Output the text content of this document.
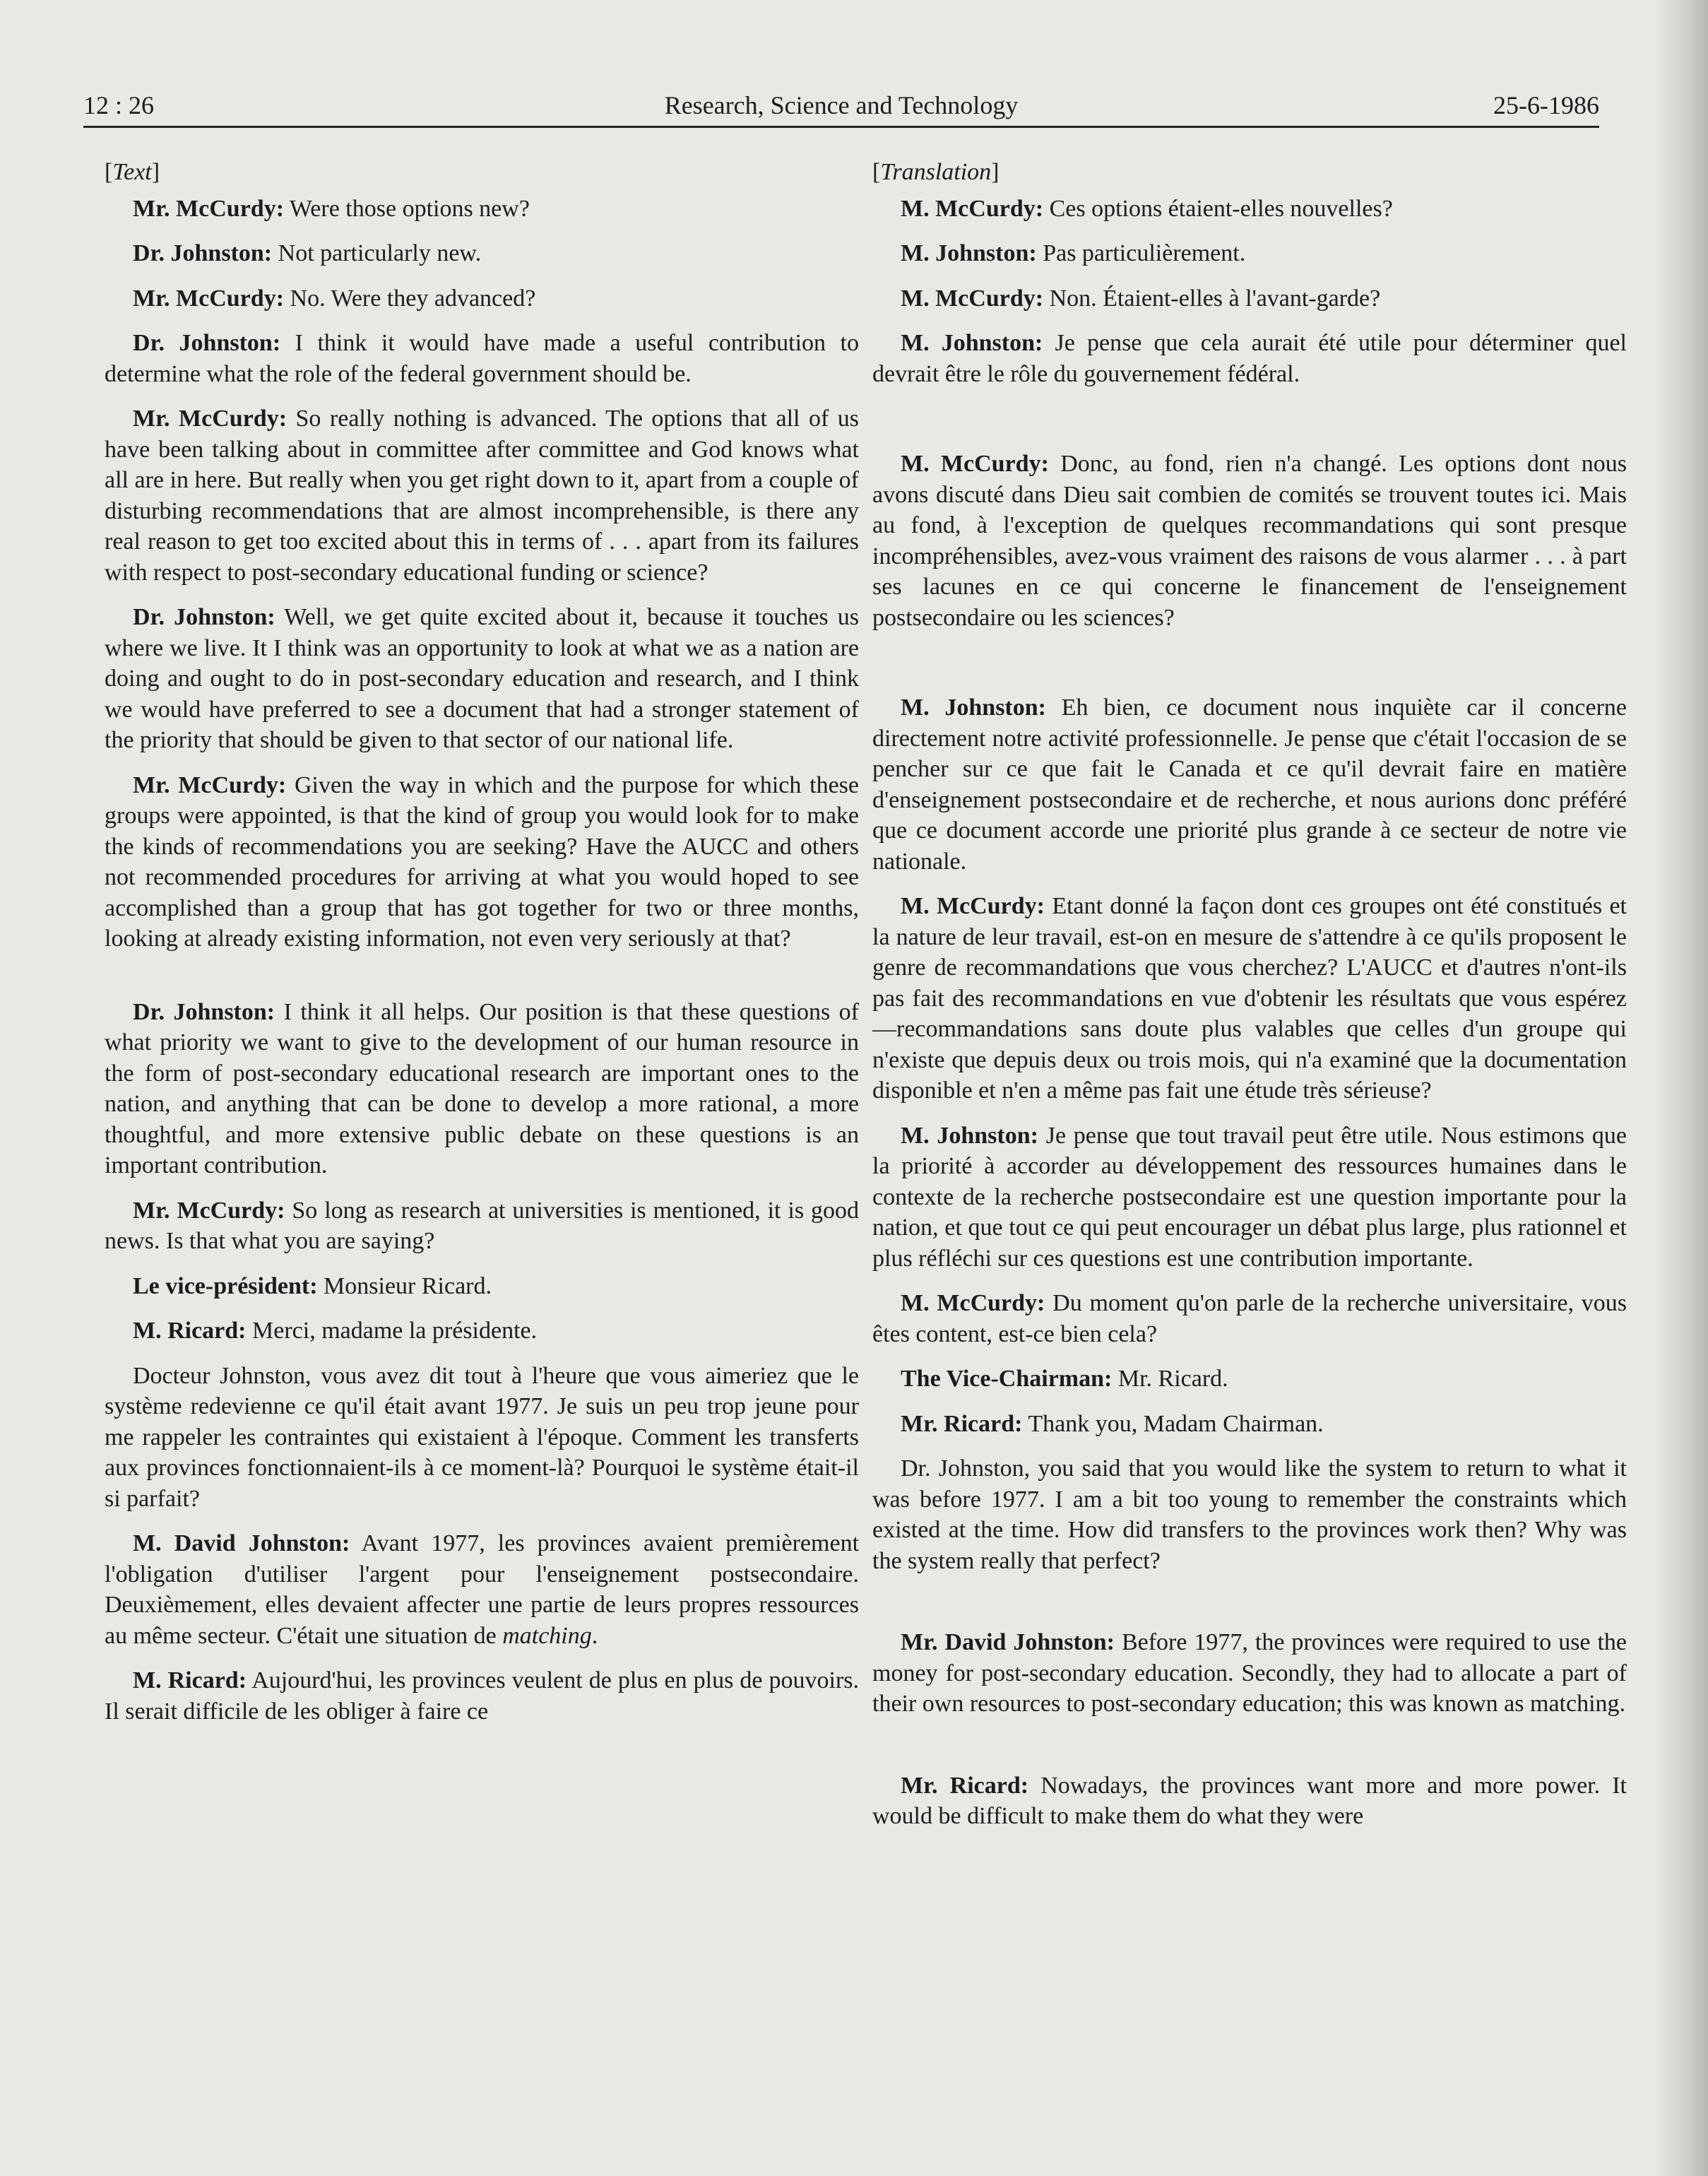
12 : 26	Research, Science and Technology	25-6-1986
[Text]

Mr. McCurdy: Were those options new?

Dr. Johnston: Not particularly new.

Mr. McCurdy: No. Were they advanced?

Dr. Johnston: I think it would have made a useful contribution to determine what the role of the federal government should be.

Mr. McCurdy: So really nothing is advanced. The options that all of us have been talking about in committee after committee and God knows what all are in here. But really when you get right down to it, apart from a couple of disturbing recommendations that are almost incomprehensible, is there any real reason to get too excited about this in terms of . . . apart from its failures with respect to post-secondary educational funding or science?

Dr. Johnston: Well, we get quite excited about it, because it touches us where we live. It I think was an opportunity to look at what we as a nation are doing and ought to do in post-secondary education and research, and I think we would have preferred to see a document that had a stronger statement of the priority that should be given to that sector of our national life.

Mr. McCurdy: Given the way in which and the purpose for which these groups were appointed, is that the kind of group you would look for to make the kinds of recommendations you are seeking? Have the AUCC and others not recommended procedures for arriving at what you would hoped to see accomplished than a group that has got together for two or three months, looking at already existing information, not even very seriously at that?

Dr. Johnston: I think it all helps. Our position is that these questions of what priority we want to give to the development of our human resource in the form of post-secondary educational research are important ones to the nation, and anything that can be done to develop a more rational, a more thoughtful, and more extensive public debate on these questions is an important contribution.

Mr. McCurdy: So long as research at universities is mentioned, it is good news. Is that what you are saying?

Le vice-président: Monsieur Ricard.

M. Ricard: Merci, madame la présidente.

Docteur Johnston, vous avez dit tout à l'heure que vous aimeriez que le système redevienne ce qu'il était avant 1977. Je suis un peu trop jeune pour me rappeler les contraintes qui existaient à l'époque. Comment les transferts aux provinces fonctionnaient-ils à ce moment-là? Pourquoi le système était-il si parfait?

M. David Johnston: Avant 1977, les provinces avaient premièrement l'obligation d'utiliser l'argent pour l'enseignement postsecondaire. Deuxièmement, elles devaient affecter une partie de leurs propres ressources au même secteur. C'était une situation de matching.

M. Ricard: Aujourd'hui, les provinces veulent de plus en plus de pouvoirs. Il serait difficile de les obliger à faire ce

[Translation]

M. McCurdy: Ces options étaient-elles nouvelles?

M. Johnston: Pas particulièrement.

M. McCurdy: Non. Étaient-elles à l'avant-garde?

M. Johnston: Je pense que cela aurait été utile pour déterminer quel devrait être le rôle du gouvernement fédéral.

M. McCurdy: Donc, au fond, rien n'a changé. Les options dont nous avons discuté dans Dieu sait combien de comités se trouvent toutes ici. Mais au fond, à l'exception de quelques recommandations qui sont presque incompréhensibles, avez-vous vraiment des raisons de vous alarmer . . . à part ses lacunes en ce qui concerne le financement de l'enseignement postsecondaire ou les sciences?

M. Johnston: Eh bien, ce document nous inquiète car il concerne directement notre activité professionnelle. Je pense que c'était l'occasion de se pencher sur ce que fait le Canada et ce qu'il devrait faire en matière d'enseignement postsecondaire et de recherche, et nous aurions donc préféré que ce document accorde une priorité plus grande à ce secteur de notre vie nationale.

M. McCurdy: Etant donné la façon dont ces groupes ont été constitués et la nature de leur travail, est-on en mesure de s'attendre à ce qu'ils proposent le genre de recommandations que vous cherchez? L'AUCC et d'autres n'ont-ils pas fait des recommandations en vue d'obtenir les résultats que vous espérez—recommandations sans doute plus valables que celles d'un groupe qui n'existe que depuis deux ou trois mois, qui n'a examiné que la documentation disponible et n'en a même pas fait une étude très sérieuse?

M. Johnston: Je pense que tout travail peut être utile. Nous estimons que la priorité à accorder au développement des ressources humaines dans le contexte de la recherche postsecondaire est une question importante pour la nation, et que tout ce qui peut encourager un débat plus large, plus rationnel et plus réfléchi sur ces questions est une contribution importante.

M. McCurdy: Du moment qu'on parle de la recherche universitaire, vous êtes content, est-ce bien cela?

The Vice-Chairman: Mr. Ricard.

Mr. Ricard: Thank you, Madam Chairman.

Dr. Johnston, you said that you would like the system to return to what it was before 1977. I am a bit too young to remember the constraints which existed at the time. How did transfers to the provinces work then? Why was the system really that perfect?

Mr. David Johnston: Before 1977, the provinces were required to use the money for post-secondary education. Secondly, they had to allocate a part of their own resources to post-secondary education; this was known as matching.

Mr. Ricard: Nowadays, the provinces want more and more power. It would be difficult to make them do what they were
